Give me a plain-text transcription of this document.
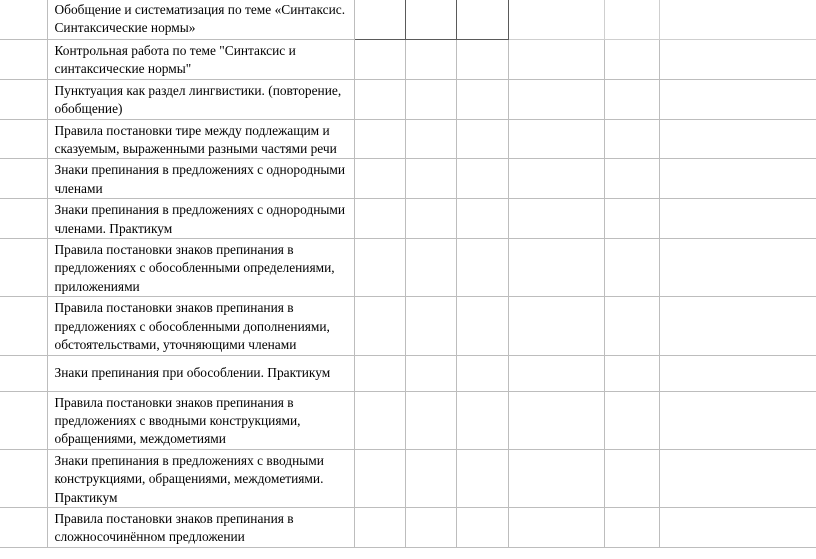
	Обобщение и систематизация по теме «Синтаксис. Синтаксические нормы»						
	Контрольная работа по теме "Синтаксис и синтаксические нормы"						
	Пунктуация как раздел лингвистики. (повторение, обобщение)						
	Правила постановки тире между подлежащим и сказуемым, выраженными разными частями речи						
	Знаки препинания в предложениях с однородными членами						
	Знаки препинания в предложениях с однородными членами. Практикум						
	Правила постановки знаков препинания в предложениях с обособленными определениями, приложениями						
	Правила постановки знаков препинания в предложениях с обособленными дополнениями, обстоятельствами, уточняющими членами						
	Знаки препинания при обособлении. Практикум						
	Правила постановки знаков препинания в предложениях с вводными конструкциями, обращениями, междометиями						
	Знаки препинания в предложениях с вводными конструкциями, обращениями, междометиями. Практикум						
	Правила постановки знаков препинания в сложносочинённом предложении						
